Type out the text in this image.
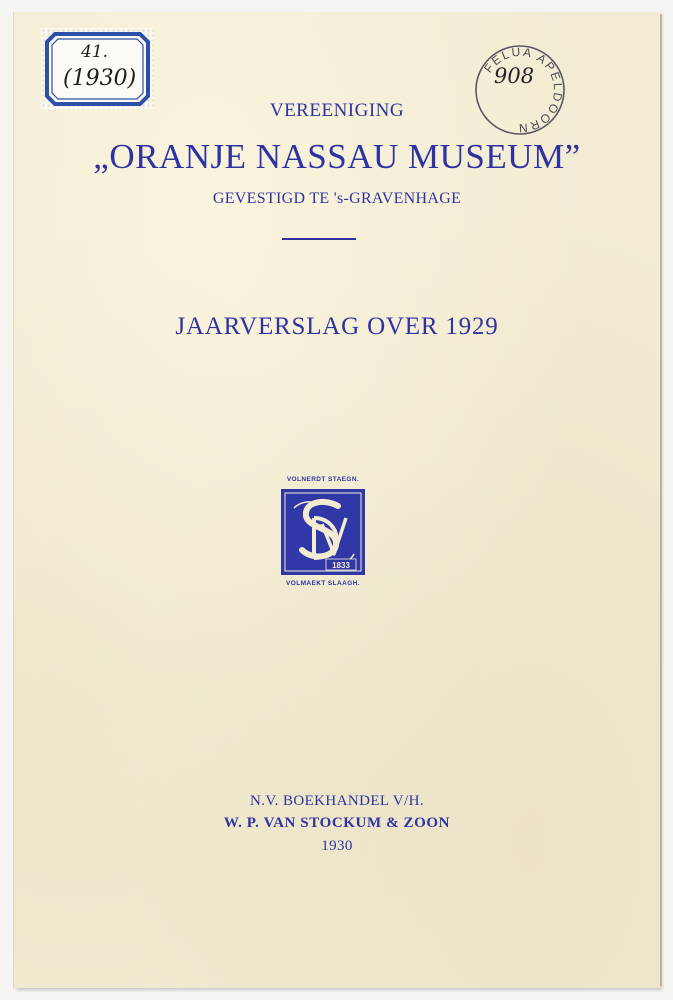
41.
(1930)	FELUA APELDOORN
908
VEREENIGING
„ORANJE NASSAU MUSEUM”
GEVESTIGD TE 's-GRAVENHAGE
JAARVERSLAG OVER 1929
VOLNERDT STAEGN.
1833
VOLMAEKT SLAAGH.
N.V. BOEKHANDEL V/H.
W. P. VAN STOCKUM & ZOON
1930
